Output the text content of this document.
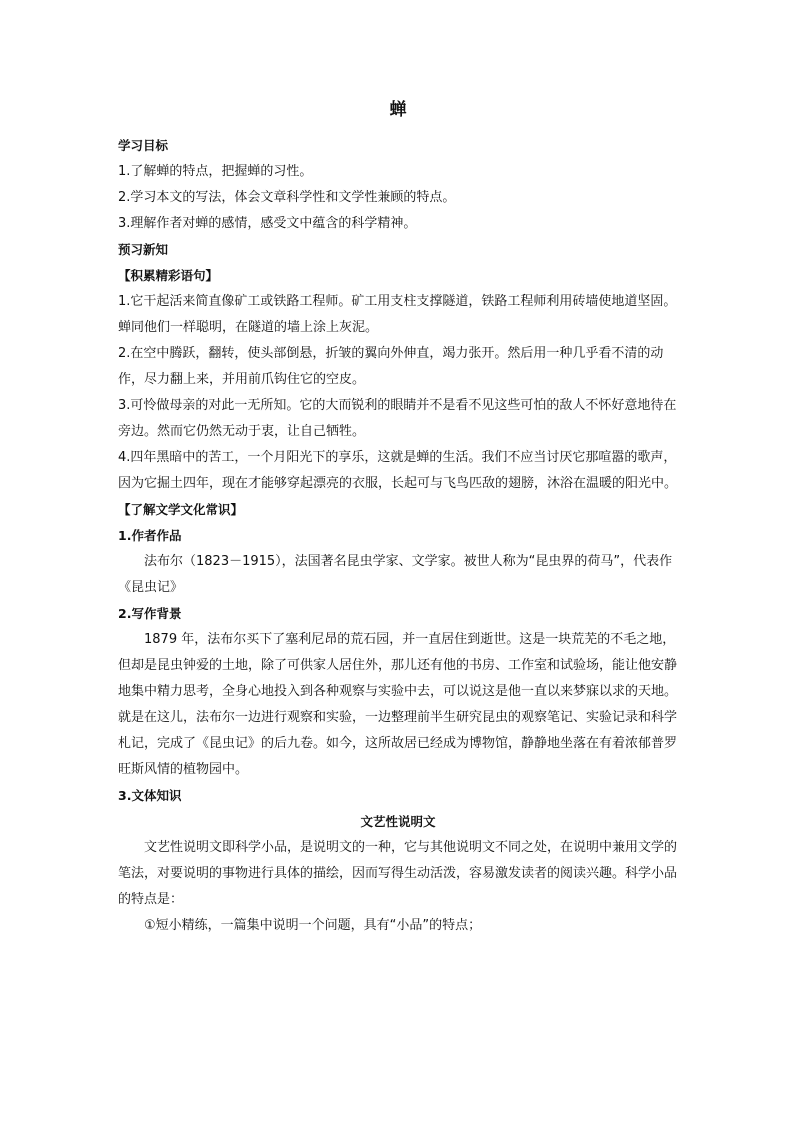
蝉

学习目标

1.了解蝉的特点，把握蝉的习性。

2.学习本文的写法，体会文章科学性和文学性兼顾的特点。

3.理解作者对蝉的感情，感受文中蕴含的科学精神。

预习新知

【积累精彩语句】

1.它干起活来简直像矿工或铁路工程师。矿工用支柱支撑隧道，铁路工程师利用砖墙使地道坚固。蝉同他们一样聪明，在隧道的墙上涂上灰泥。

2.在空中腾跃，翻转，使头部倒悬，折皱的翼向外伸直，竭力张开。然后用一种几乎看不清的动作，尽力翻上来，并用前爪钩住它的空皮。

3.可怜做母亲的对此一无所知。它的大而锐利的眼睛并不是看不见这些可怕的敌人不怀好意地待在旁边。然而它仍然无动于衷，让自己牺牲。

4.四年黑暗中的苦工，一个月阳光下的享乐，这就是蝉的生活。我们不应当讨厌它那喧嚣的歌声，因为它掘土四年，现在才能够穿起漂亮的衣服，长起可与飞鸟匹敌的翅膀，沐浴在温暖的阳光中。

【了解文学文化常识】

1.作者作品

法布尔（1823－1915），法国著名昆虫学家、文学家。被世人称为“昆虫界的荷马”，代表作《昆虫记》

2.写作背景

1879 年，法布尔买下了塞利尼昂的荒石园，并一直居住到逝世。这是一块荒芜的不毛之地，但却是昆虫钟爱的土地，除了可供家人居住外，那儿还有他的书房、工作室和试验场，能让他安静地集中精力思考，全身心地投入到各种观察与实验中去，可以说这是他一直以来梦寐以求的天地。就是在这儿，法布尔一边进行观察和实验，一边整理前半生研究昆虫的观察笔记、实验记录和科学札记，完成了《昆虫记》的后九卷。如今，这所故居已经成为博物馆，静静地坐落在有着浓郁普罗旺斯风情的植物园中。

3.文体知识

文艺性说明文

文艺性说明文即科学小品，是说明文的一种，它与其他说明文不同之处，在说明中兼用文学的笔法，对要说明的事物进行具体的描绘，因而写得生动活泼，容易激发读者的阅读兴趣。科学小品的特点是：

①短小精练，一篇集中说明一个问题，具有“小品”的特点；
